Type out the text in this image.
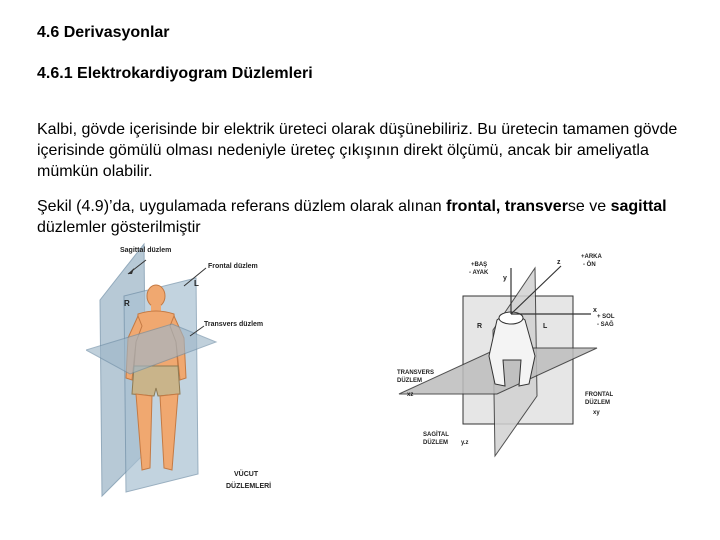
4.6 Derivasyonlar
4.6.1 Elektrokardiyogram Düzlemleri
Kalbi, gövde içerisinde bir elektrik üreteci olarak düşünebiliriz. Bu üretecin tamamen gövde içerisinde gömülü olması nedeniyle üreteç çıkışının direkt ölçümü, ancak bir ameliyatla mümkün olabilir.
Şekil (4.9)’da, uygulamada referans düzlem olarak alınan frontal, transverse ve sagittal düzlemler gösterilmiştir
Sagittal düzlem
Frontal düzlem
L
R
Transvers düzlem
VÜCUT
DÜZLEMLERİ
+BAŞ
- AYAK
y
z
+ARKA
- ÖN
x
+ SOL
- SAĞ
R	L
TRANSVERS
DÜZLEM
xz	FRONTAL
DÜZLEM
xy
SAGİTAL
DÜZLEM y.z
